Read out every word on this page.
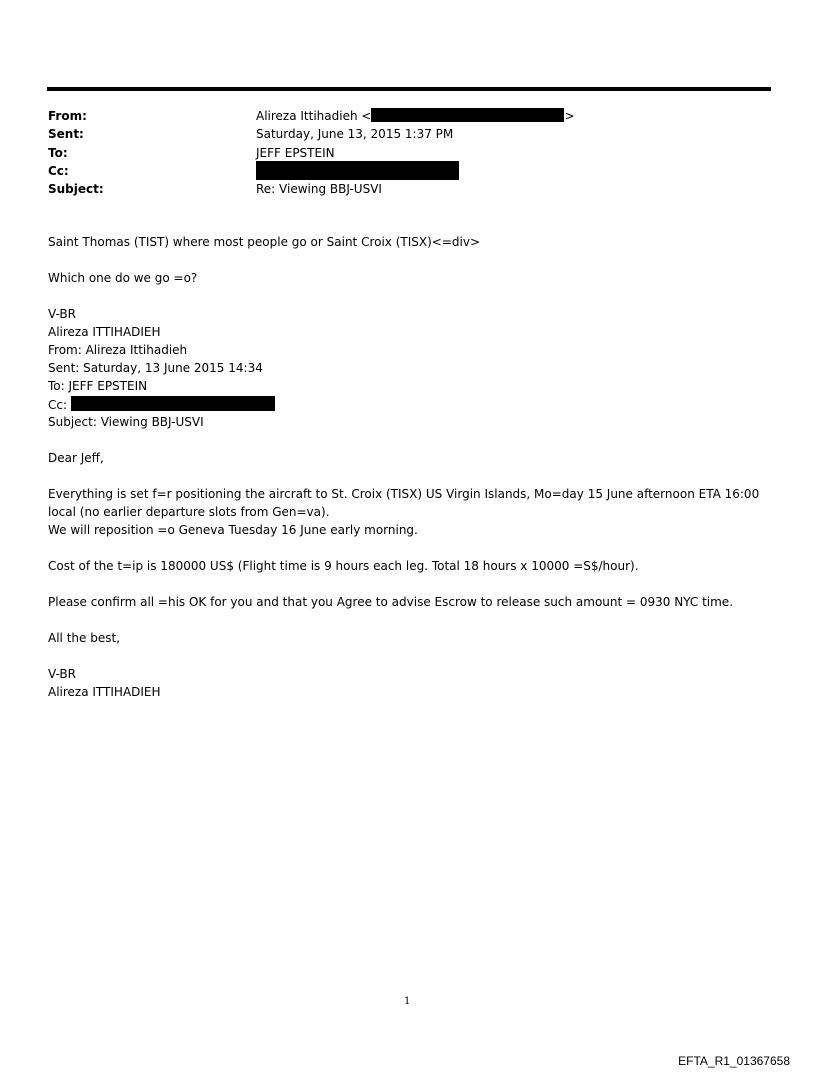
From:
Sent:
To:
Cc:
Subject:
Alireza Ittihadieh <	>
Saturday, June 13, 2015 1:37 PM
JEFF EPSTEIN
Re: Viewing BBJ-USVI
Saint Thomas (TIST) where most people go or Saint Croix (TISX)<=div>
Which one do we go =o?
V-BR
Alireza ITTIHADIEH
From: Alireza Ittihadieh
Sent: Saturday, 13 June 2015 14:34
To: JEFF EPSTEIN
Cc:
Subject: Viewing BBJ-USVI
Dear Jeff,
Everything is set f=r positioning the aircraft to St. Croix (TISX) US Virgin Islands, Mo=day 15 June afternoon ETA 16:00
local (no earlier departure slots from Gen=va).
We will reposition =o Geneva Tuesday 16 June early morning.
Cost of the t=ip is 180000 US$ (Flight time is 9 hours each leg. Total 18 hours x 10000 =S$/hour).
Please confirm all =his OK for you and that you Agree to advise Escrow to release such amount = 0930 NYC time.
All the best,
V-BR
Alireza ITTIHADIEH
1
EFTA_R1_01367658
